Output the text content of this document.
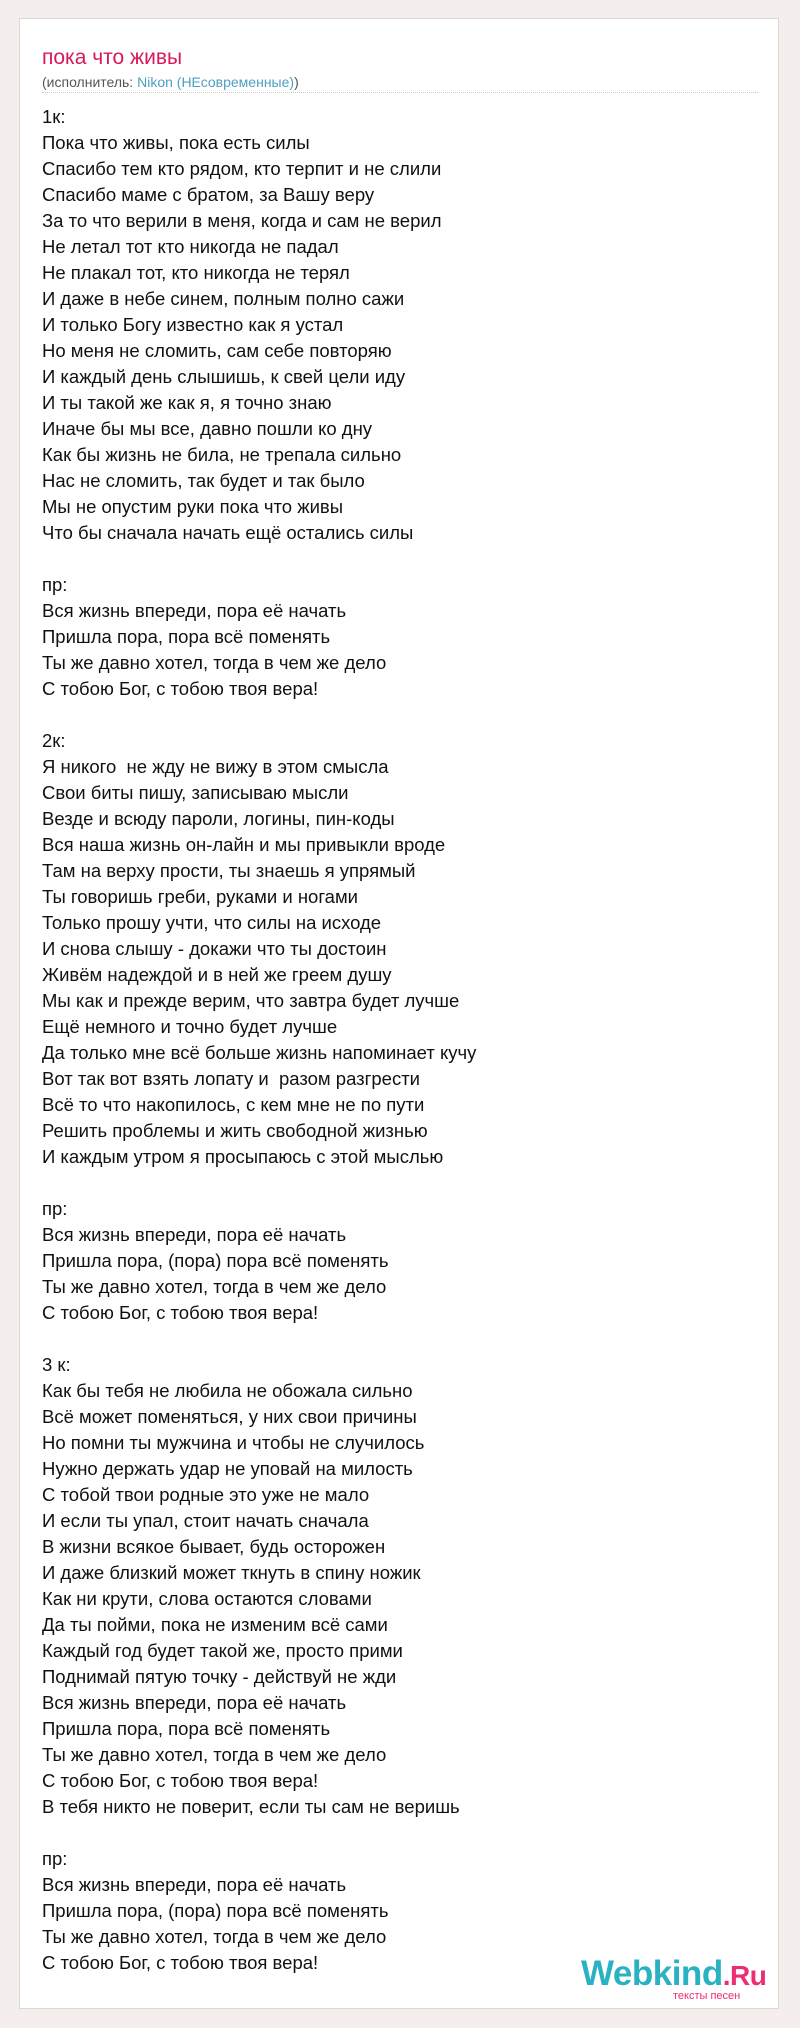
пока что живы
(исполнитель: Nikon (НЕсовременные))
1к:
Пока что живы, пока есть силы
Спасибо тем кто рядом, кто терпит и не слили
Спасибо маме с братом, за Вашу веру
За то что верили в меня, когда и сам не верил
Не летал тот кто никогда не падал
Не плакал тот, кто никогда не терял
И даже в небе синем, полным полно сажи
И только Богу известно как я устал
Но меня не сломить, сам себе повторяю
И каждый день слышишь, к свей цели иду
И ты такой же как я, я точно знаю
Иначе бы мы все, давно пошли ко дну
Как бы жизнь не била, не трепала сильно
Нас не сломить, так будет и так было
Мы не опустим руки пока что живы
Что бы сначала начать ещё остались силы
пр:
Вся жизнь впереди, пора её начать
Пришла пора, пора всё поменять
Ты же давно хотел, тогда в чем же дело
С тобою Бог, с тобою твоя вера!
2к:
Я никого  не жду не вижу в этом смысла
Свои биты пишу, записываю мысли
Везде и всюду пароли, логины, пин-коды
Вся наша жизнь он-лайн и мы привыкли вроде
Там на верху прости, ты знаешь я упрямый
Ты говоришь греби, руками и ногами
Только прошу учти, что силы на исходе
И снова слышу - докажи что ты достоин
Живём надеждой и в ней же греем душу
Мы как и прежде верим, что завтра будет лучше
Ещё немного и точно будет лучше
Да только мне всё больше жизнь напоминает кучу
Вот так вот взять лопату и  разом разгрести
Всё то что накопилось, с кем мне не по пути
Решить проблемы и жить свободной жизнью
И каждым утром я просыпаюсь с этой мыслью
пр:
Вся жизнь впереди, пора её начать
Пришла пора, (пора) пора всё поменять
Ты же давно хотел, тогда в чем же дело
С тобою Бог, с тобою твоя вера!
3 к:
Как бы тебя не любила не обожала сильно
Всё может поменяться, у них свои причины
Но помни ты мужчина и чтобы не случилось
Нужно держать удар не уповай на милость
С тобой твои родные это уже не мало
И если ты упал, стоит начать сначала
В жизни всякое бывает, будь осторожен
И даже близкий может ткнуть в спину ножик
Как ни крути, слова остаются словами
Да ты пойми, пока не изменим всё сами
Каждый год будет такой же, просто прими
Поднимай пятую точку - действуй не жди
Вся жизнь впереди, пора её начать
Пришла пора, пора всё поменять
Ты же давно хотел, тогда в чем же дело
С тобою Бог, с тобою твоя вера!
В тебя никто не поверит, если ты сам не веришь
пр:
Вся жизнь впереди, пора её начать
Пришла пора, (пора) пора всё поменять
Ты же давно хотел, тогда в чем же дело
С тобою Бог, с тобою твоя вера!	Webkind.Ru
тексты песен
